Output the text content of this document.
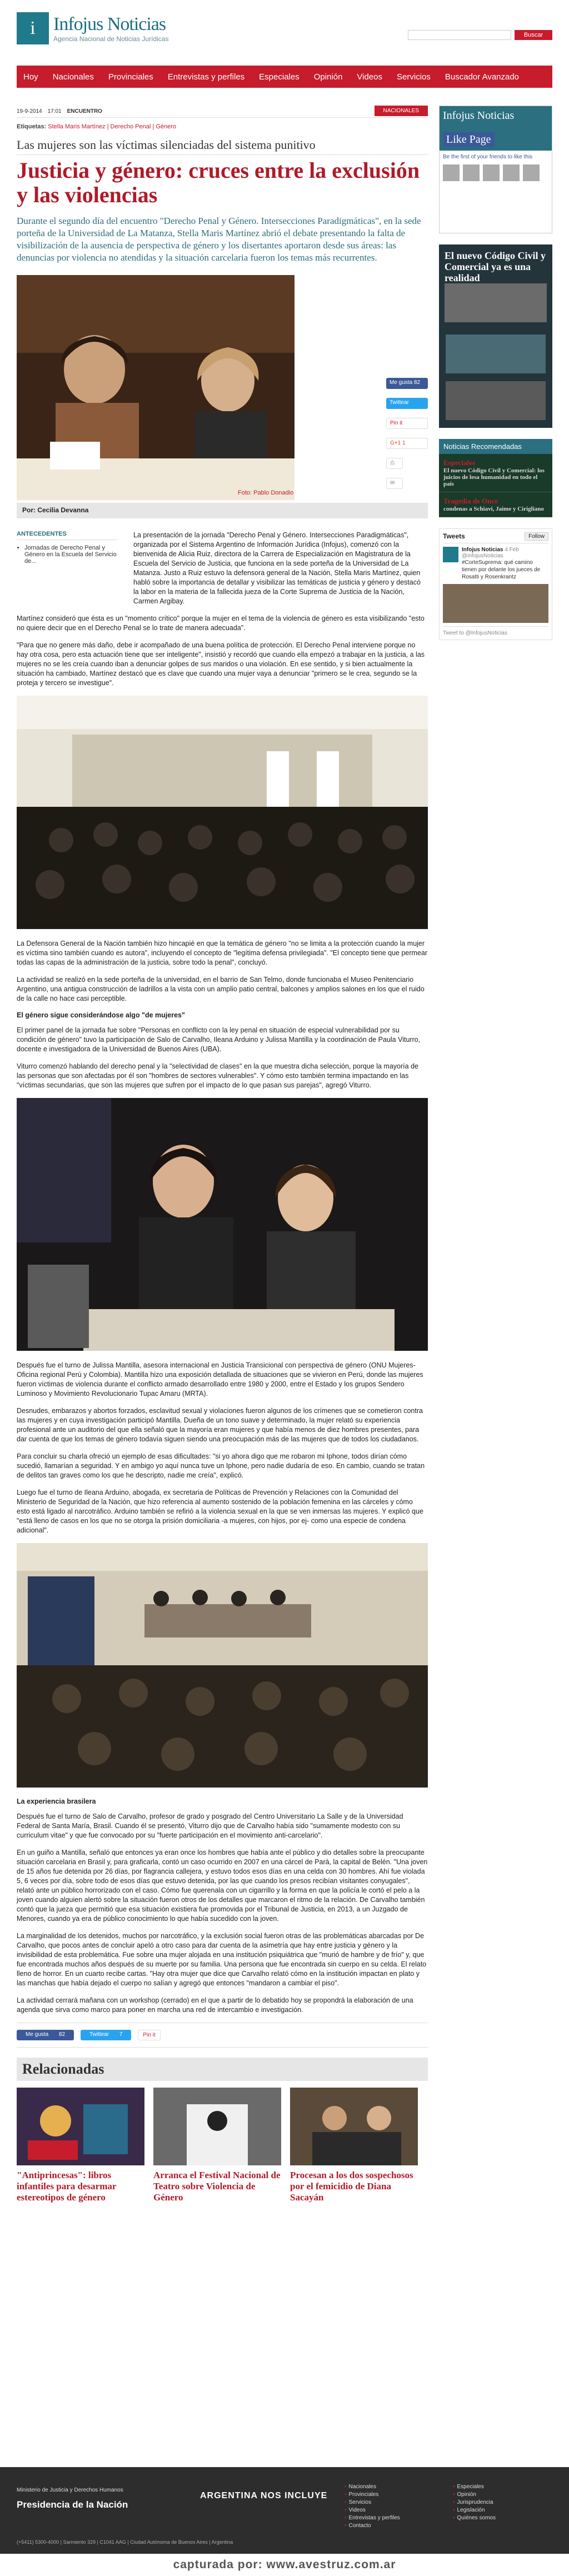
i Infojus Noticias
Agencia Nacional de Noticias Jurídicas	Buscar
Hoy Nacionales Provinciales Entrevistas y perfiles Especiales Opinión Videos Servicios Buscador Avanzado
19-9-2014 17:01 ENCUENTRO	NACIONALES
Etiquetas: Stella Maris Martínez | Derecho Penal | Género
Las mujeres son las víctimas silenciadas del sistema punitivo
Justicia y género: cruces entre la exclusión y las violencias
Durante el segundo día del encuentro "Derecho Penal y Género. Intersecciones Paradigmáticas", en la sede porteña de la Universidad de La Matanza, Stella Maris Martínez abrió el debate presentando la falta de visibilización de la ausencia de perspectiva de género y los disertantes aportaron desde sus áreas: las denuncias por violencia no atendidas y la situación carcelaria fueron los temas más recurrentes.
Foto: Pablo Donadio
Por: Cecilia Devanna
Me gusta 82
Twittear
Pin it
G+1 1
⎙
✉
ANTECEDENTES
• Jornadas de Derecho Penal y Género en la Escuela del Servicio de...

La presentación de la jornada "Derecho Penal y Género. Intersecciones Paradigmáticas", organizada por el Sistema Argentino de Información Jurídica (Infojus), comenzó con la bienvenida de Alicia Ruiz, directora de la Carrera de Especialización en Magistratura de la Escuela del Servicio de Justicia, que funciona en la sede porteña de la Universidad de La Matanza. Justo a Ruiz estuvo la defensora general de la Nación, Stella Maris Martínez, quien habló sobre la importancia de detallar y visibilizar las temáticas de justicia y género y destacó la labor en la materia de la fallecida jueza de la Corte Suprema de Justicia de la Nación, Carmen Argibay.

Martínez consideró que ésta es un "momento crítico" porque la mujer en el tema de la violencia de género es esta visibilizando "esto no quiere decir que en el Derecho Penal se lo trate de manera adecuada".

"Para que no genere más daño, debe ir acompañado de una buena política de protección. El Derecho Penal interviene porque no hay otra cosa, pero esta actuación tiene que ser inteligente", insistió y recordó que cuando ella empezó a trabajar en la justicia, a las mujeres no se les creía cuando iban a denunciar golpes de sus maridos o una violación. En ese sentido, y si bien actualmente la situación ha cambiado, Martínez destacó que es clave que cuando una mujer vaya a denunciar "primero se le crea, segundo se la proteja y tercero se investigue".

La Defensora General de la Nación también hizo hincapié en que la temática de género "no se limita a la protección cuando la mujer es víctima sino también cuando es autora", incluyendo el concepto de "legítima defensa privilegiada". "El concepto tiene que permear todas las capas de la administración de la justicia, sobre todo la penal", concluyó.

La actividad se realizó en la sede porteña de la universidad, en el barrio de San Telmo, donde funcionaba el Museo Penitenciario Argentino, una antigua construcción de ladrillos a la vista con un amplio patio central, balcones y amplios salones en los que el ruido de la calle no hace casi perceptible.

El género sigue considerándose algo "de mujeres"

El primer panel de la jornada fue sobre "Personas en conflicto con la ley penal en situación de especial vulnerabilidad por su condición de género" tuvo la participación de Salo de Carvalho, Ileana Arduino y Julissa Mantilla y la coordinación de Paula Viturro, docente e investigadora de la Universidad de Buenos Aires (UBA).

Viturro comenzó hablando del derecho penal y la "selectividad de clases" en la que muestra dicha selección, porque la mayoría de las personas que son afectadas por él son "hombres de sectores vulnerables". Y cómo esto también termina impactando en las "víctimas secundarias, que son las mujeres que sufren por el impacto de lo que pasan sus parejas", agregó Viturro.

Después fue el turno de Julissa Mantilla, asesora internacional en Justicia Transicional con perspectiva de género (ONU Mujeres-Oficina regional Perú y Colombia). Mantilla hizo una exposición detallada de situaciones que se vivieron en Perú, donde las mujeres fueron víctimas de violencia durante el conflicto armado desarrollado entre 1980 y 2000, entre el Estado y los grupos Sendero Luminoso y Movimiento Revolucionario Tupac Amaru (MRTA).

Desnudes, embarazos y abortos forzados, esclavitud sexual y violaciones fueron algunos de los crímenes que se cometieron contra las mujeres y en cuya investigación participó Mantilla. Dueña de un tono suave y determinado, la mujer relató su experiencia profesional ante un auditorio del que ella señaló que la mayoría eran mujeres y que había menos de diez hombres presentes, para dar cuenta de que los temas de género todavía siguen siendo una preocupación más de las mujeres que de todos los ciudadanos.

Para concluir su charla ofreció un ejemplo de esas dificultades: "si yo ahora digo que me robaron mi Iphone, todos dirían cómo sucedió, llamarían a seguridad. Y en ambigo yo aquí nunca tuve un Iphone, pero nadie dudaría de eso. En cambio, cuando se tratan de delitos tan graves como los que he descripto, nadie me creía", explicó.

Luego fue el turno de Ileana Arduino, abogada, ex secretaria de Políticas de Prevención y Relaciones con la Comunidad del Ministerio de Seguridad de la Nación, que hizo referencia al aumento sostenido de la población femenina en las cárceles y cómo esto está ligado al narcotráfico. Arduino también se refirió a la violencia sexual en la que se ven inmersas las mujeres. Y explicó que "está lleno de casos en los que no se otorga la prisión domiciliaria -a mujeres, con hijos, por ej- como una especie de condena adicional".

La experiencia brasilera

Después fue el turno de Salo de Carvalho, profesor de grado y posgrado del Centro Universitario La Salle y de la Universidad Federal de Santa María, Brasil. Cuando él se presentó, Viturro dijo que de Carvalho había sido "sumamente modesto con su curriculum vitae" y que fue convocado por su "fuerte participación en el movimiento anti-carcelario".

En un guiño a Mantilla, señaló que entonces ya eran once los hombres que había ante el público y dio detalles sobre la preocupante situación carcelaria en Brasil y, para graficarla, contó un caso ocurrido en 2007 en una cárcel de Pará, la capital de Belén. "Una joven de 15 años fue detenida por 26 días, por flagrancia callejera, y estuvo todos esos días en una celda con 30 hombres. Ahí fue violada 5, 6 veces por día, sobre todo de esos días que estuvo detenida, por las que cuando los presos recibían visitantes conyugales", relató ante un público horrorizado con el caso. Cómo fue querenala con un cigarrillo y la forma en que la policía le cortó el pelo a la joven cuando alguien alertó sobre la situación fueron otros de los detalles que marcaron el ritmo de la relación. De Carvalho también contó que la jueza que permitió que esa situación existiera fue promovida por el Tribunal de Justicia, en 2013, a un Juzgado de Menores, cuando ya era de público conocimiento lo que había sucedido con la joven.

La marginalidad de los detenidos, muchos por narcotráfico, y la exclusión social fueron otras de las problemáticas abarcadas por De Carvalho, que pocos antes de concluir apeló a otro caso para dar cuenta de la asimetría que hay entre justicia y género y la invisibilidad de esta problemática. Fue sobre una mujer alojada en una institución psiquiátrica que "murió de hambre y de frío" y, que fue encontrada muchos años después de su muerte por su familia. Una persona que fue encontrada sin cuerpo en su celda. El relato lleno de horror. En un cuarto recibe cartas. "Hay otra mujer que dice que Carvalho relató cómo en la institución impactan en plato y las manchas que había dejado el cuerpo no salían y agregó que entonces "mandaron a cambiar el piso".

La actividad cerrará mañana con un workshop (cerrado) en el que a partir de lo debatido hoy se propondrá la elaboración de una agenda que sirva como marco para poner en marcha una red de intercambio e investigación.

Me gusta 82	Twittear 7	Pin it
Relacionadas
"Antiprincesas": libros infantiles para desarmar estereotipos de género
Arranca el Festival Nacional de Teatro sobre Violencia de Género
Procesan a los dos sospechosos por el femicidio de Diana Sacayán
Infojus Noticias
Like Page
Be the first of your friends to like this
El nuevo Código Civil y Comercial ya es una realidad
Noticias Recomendadas
Especiales
El nuevo Código Civil y Comercial: los juicios de lesa humanidad en todo el país
Tragedia de Once
condenas a Schiavi, Jaime y Cirigliano
Tweets	Follow
Infojus Noticias 4 Feb
@infojusNoticias
#CorteSuprema: qué camino tienen por delante los jueces de Rosatti y Rosenkrantz
Tweet to @InfojusNoticias
Ministerio de Justicia y Derechos Humanos
Presidencia de la Nación
ARGENTINA NOS INCLUYE
(+5411) 5300-4000 | Sarmiento 329 | C1041 AAG | Ciudad Autónoma de Buenos Aires | Argentina
• Nacionales	• Especiales
• Provinciales	• Opinión
• Servicios	• Jurisprudencia
• Videos	• Legislación
• Entrevistas y perfiles	• Quiénes somos
• Contacto
capturada por: www.avestruz.com.ar
